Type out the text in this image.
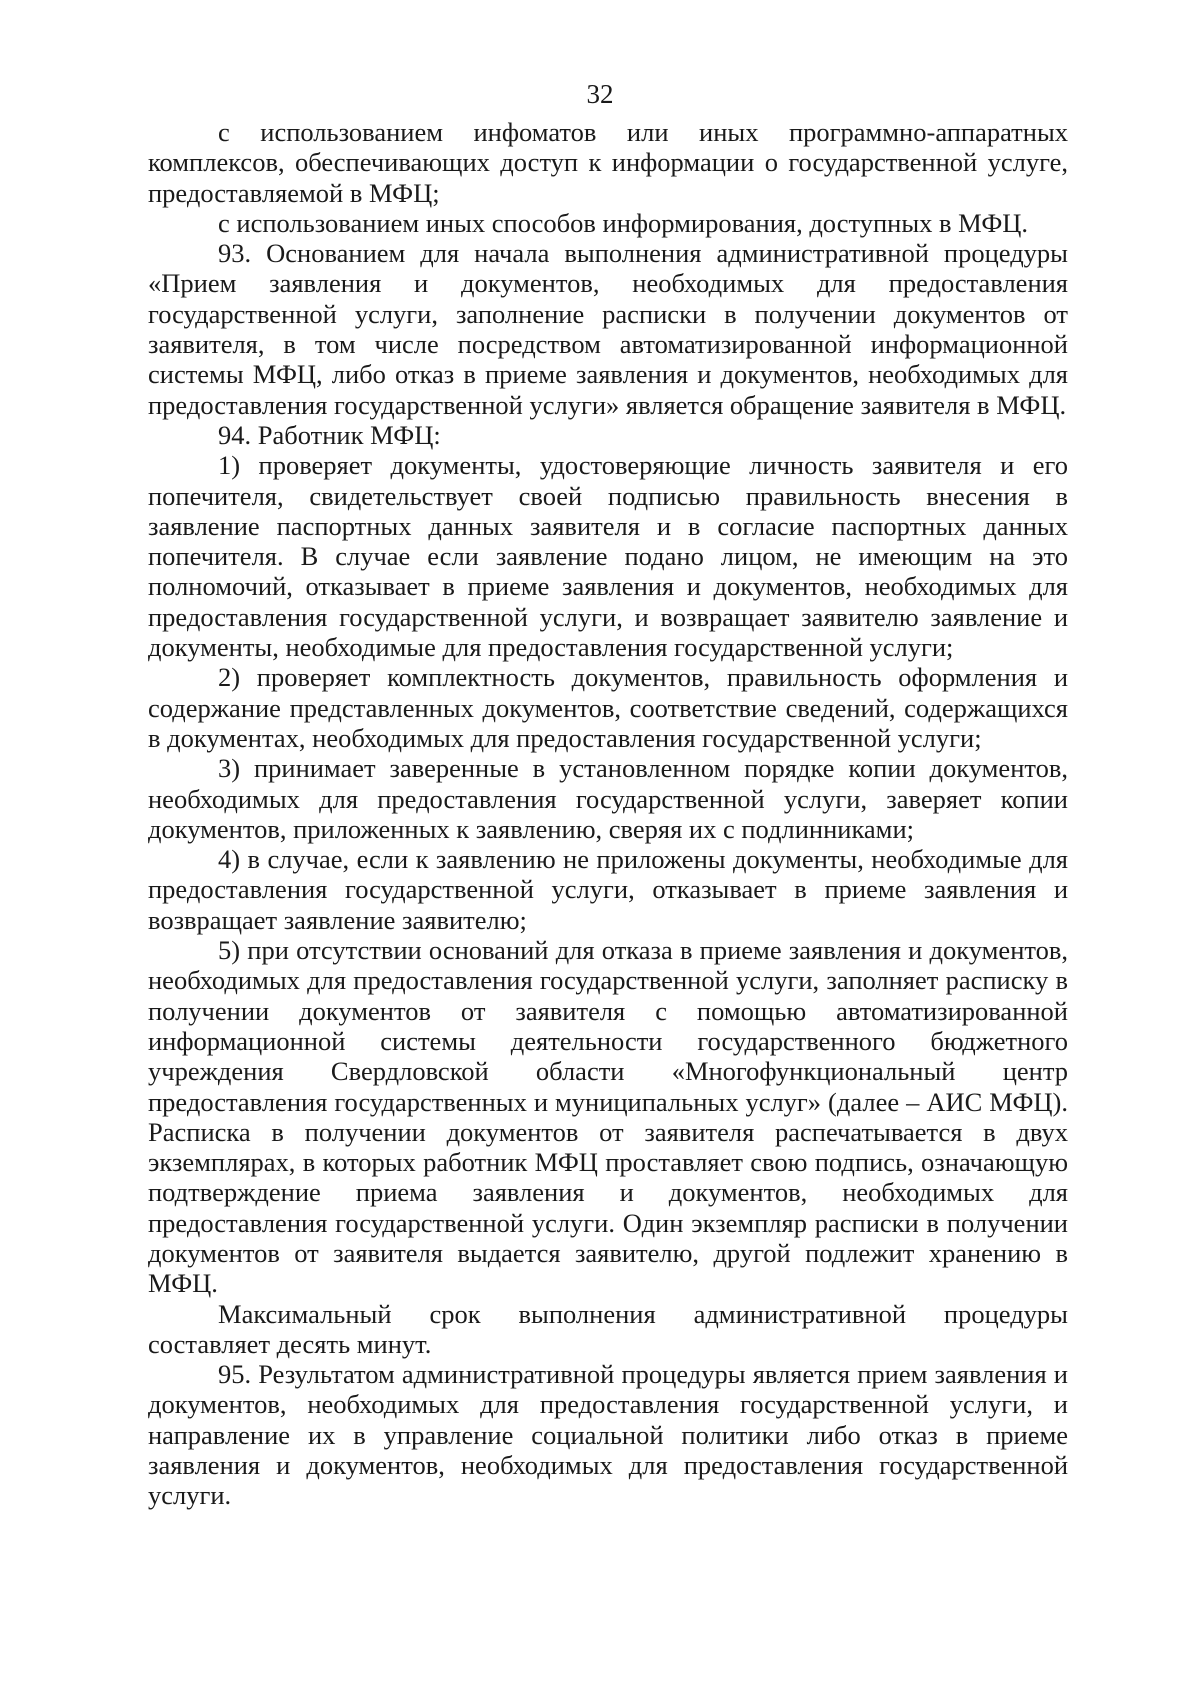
32

с использованием инфоматов или иных программно-аппаратных комплексов, обеспечивающих доступ к информации о государственной услуге, предоставляемой в МФЦ;

с использованием иных способов информирования, доступных в МФЦ.

93. Основанием для начала выполнения административной процедуры «Прием заявления и документов, необходимых для предоставления государственной услуги, заполнение расписки в получении документов от заявителя, в том числе посредством автоматизированной информационной системы МФЦ, либо отказ в приеме заявления и документов, необходимых для предоставления государственной услуги» является обращение заявителя в МФЦ.

94. Работник МФЦ:

1) проверяет документы, удостоверяющие личность заявителя и его попечителя, свидетельствует своей подписью правильность внесения в заявление паспортных данных заявителя и в согласие паспортных данных попечителя. В случае если заявление подано лицом, не имеющим на это полномочий, отказывает в приеме заявления и документов, необходимых для предоставления государственной услуги, и возвращает заявителю заявление и документы, необходимые для предоставления государственной услуги;

2) проверяет комплектность документов, правильность оформления и содержание представленных документов, соответствие сведений, содержащихся в документах, необходимых для предоставления государственной услуги;

3) принимает заверенные в установленном порядке копии документов, необходимых для предоставления государственной услуги, заверяет копии документов, приложенных к заявлению, сверяя их с подлинниками;

4) в случае, если к заявлению не приложены документы, необходимые для предоставления государственной услуги, отказывает в приеме заявления и возвращает заявление заявителю;

5) при отсутствии оснований для отказа в приеме заявления и документов, необходимых для предоставления государственной услуги, заполняет расписку в получении документов от заявителя с помощью автоматизированной информационной системы деятельности государственного бюджетного учреждения Свердловской области «Многофункциональный центр предоставления государственных и муниципальных услуг» (далее – АИС МФЦ). Расписка в получении документов от заявителя распечатывается в двух экземплярах, в которых работник МФЦ проставляет свою подпись, означающую подтверждение приема заявления и документов, необходимых для предоставления государственной услуги. Один экземпляр расписки в получении документов от заявителя выдается заявителю, другой подлежит хранению в МФЦ.

Максимальный срок выполнения административной процедуры составляет десять минут.

95. Результатом административной процедуры является прием заявления и документов, необходимых для предоставления государственной услуги, и направление их в управление социальной политики либо отказ в приеме заявления и документов, необходимых для предоставления государственной услуги.
